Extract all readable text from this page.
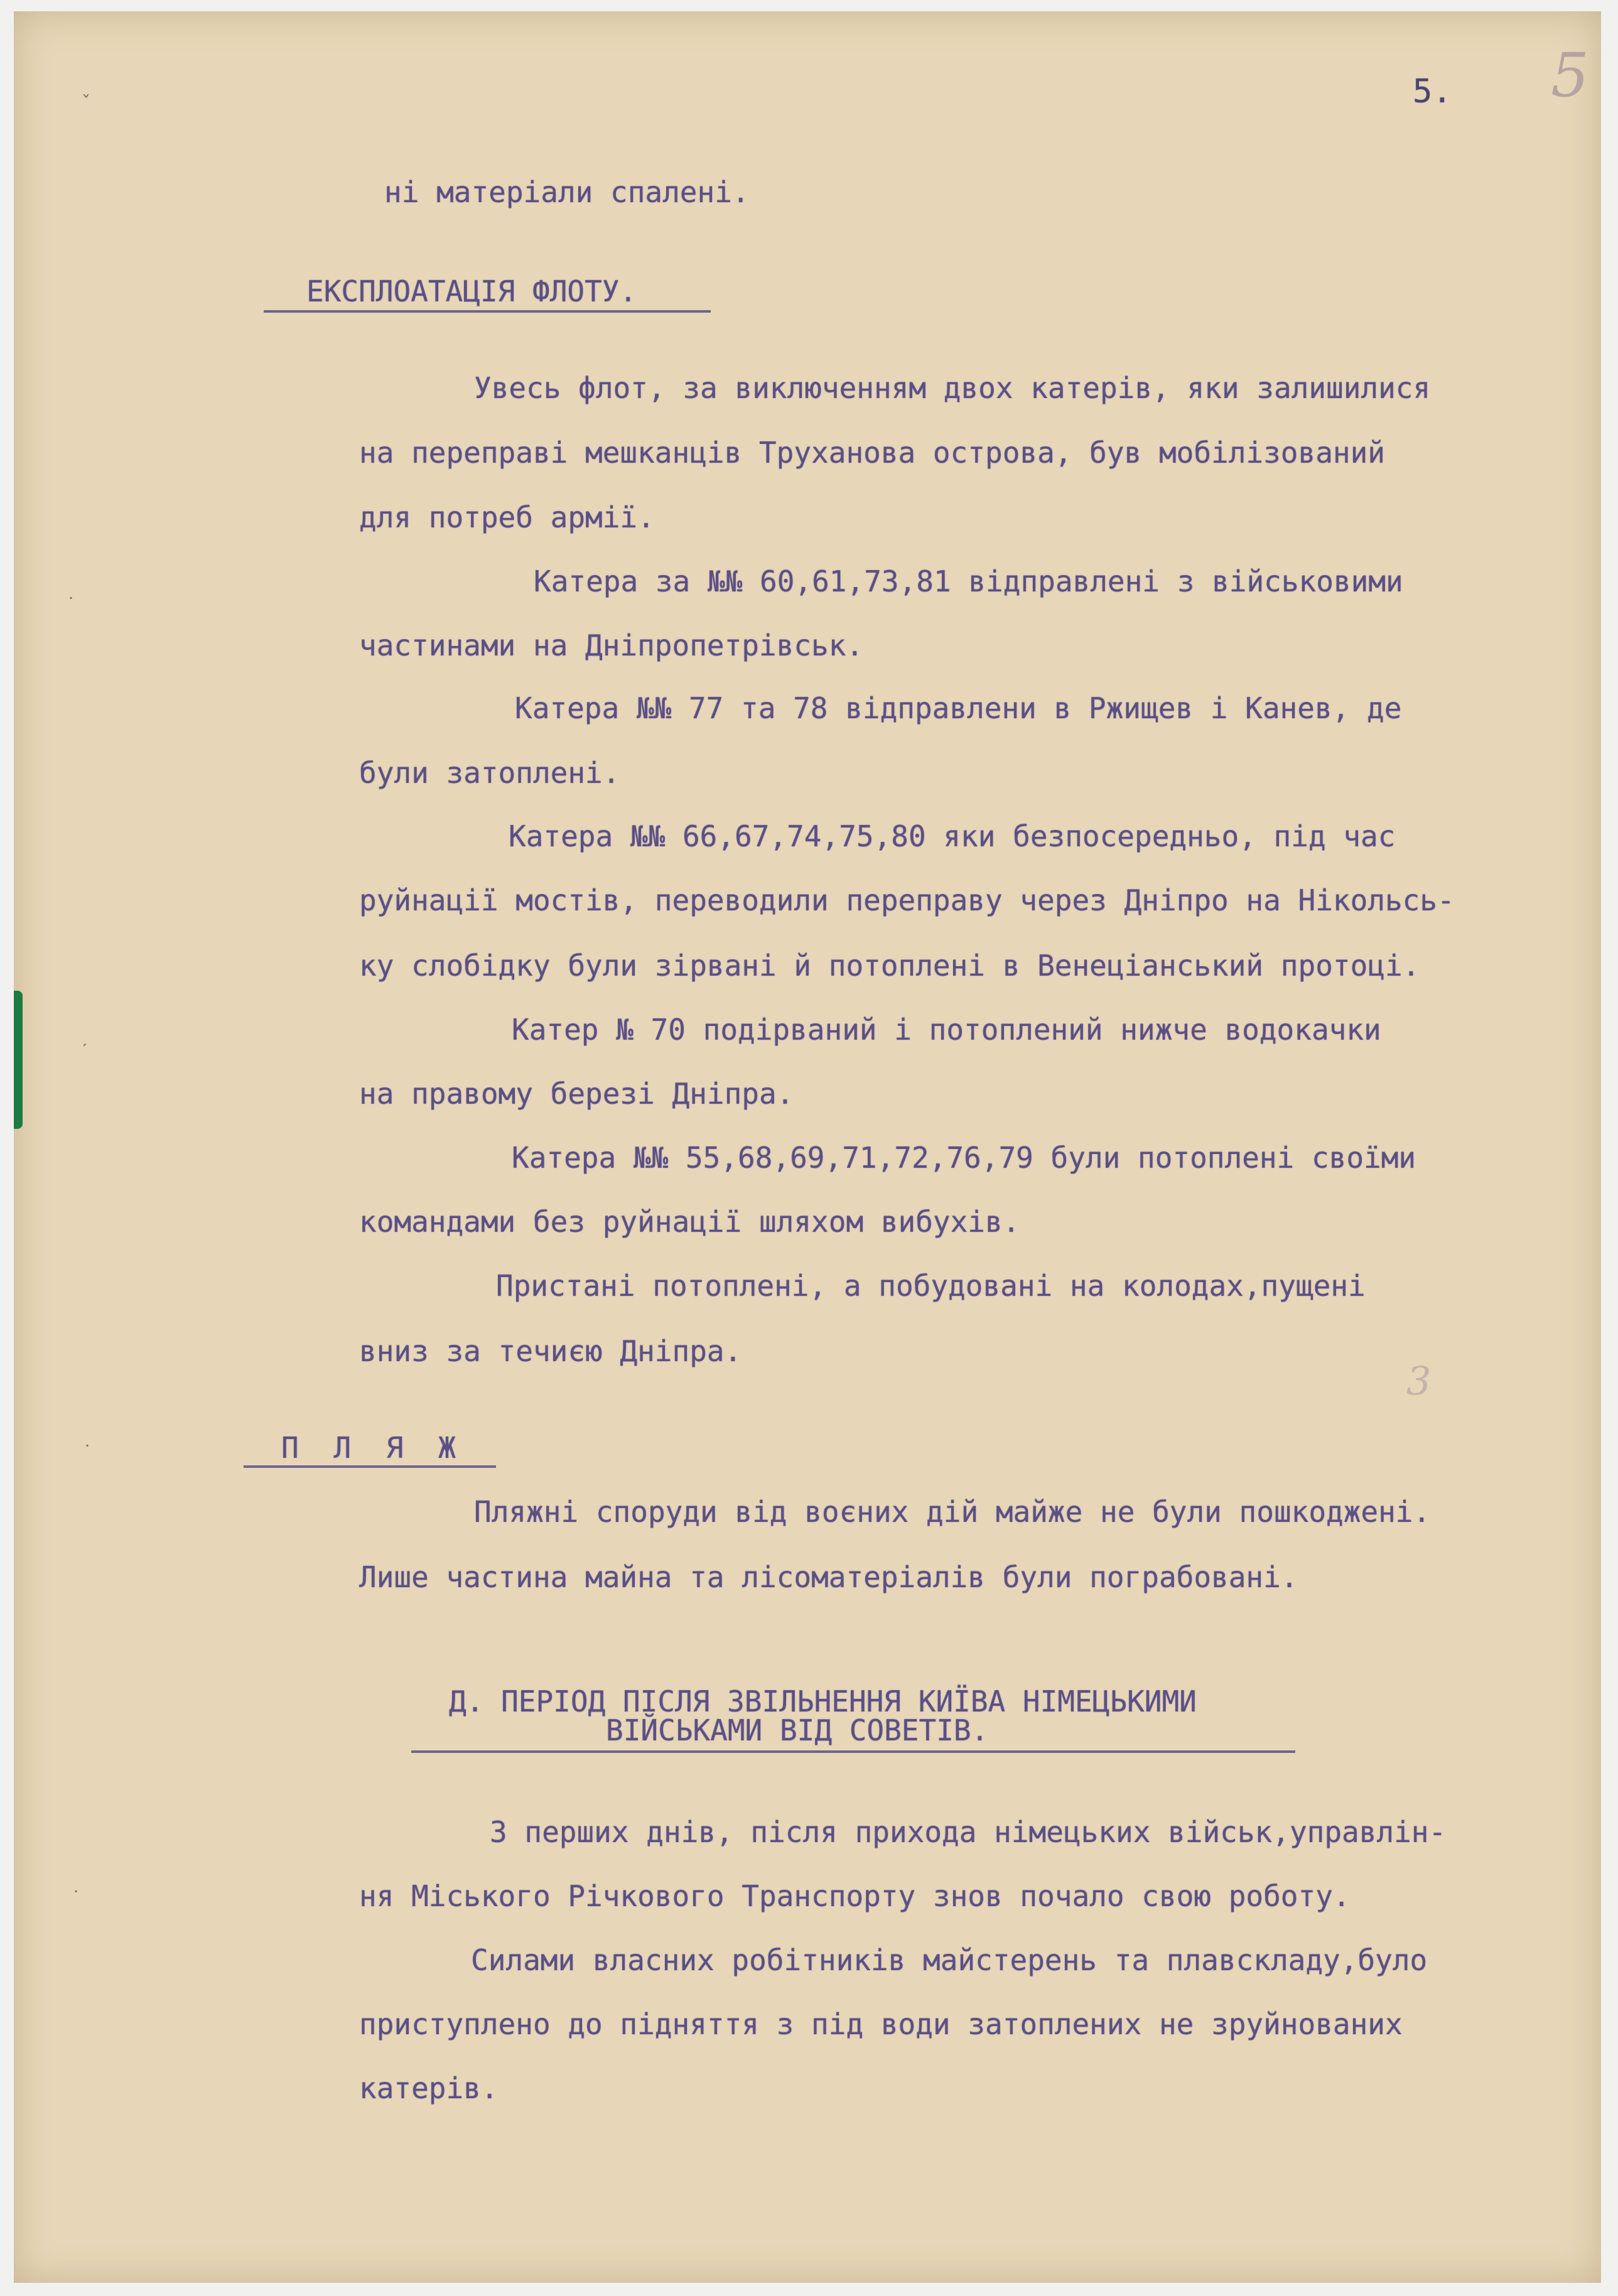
ˇ
˙
ˊ
˙
˙
5. 5
3
ні матеріали спалені.
ЕКСПЛОАТАЦІЯ ФЛОТУ.
Увесь флот, за виключенням двох катерів, яки залишилися
на переправі мешканців Труханова острова, був мобілізований
для потреб армії.
Катера за №№ 60,61,73,81 відправлені з військовими
частинами на Дніпропетрівськ.
Катера №№ 77 та 78 відправлени в Ржищев і Канев, де
були затоплені.
Катера №№ 66,67,74,75,80 яки безпосередньо, під час
руйнації мостів, переводили переправу через Дніпро на Нікольсь-
ку слобідку були зірвані й потоплені в Венеціанський протоці.
Катер № 70 подірваний і потоплений нижче водокачки
на правому березі Дніпра.
Катера №№ 55,68,69,71,72,76,79 були потоплені своїми
командами без руйнації шляхом вибухів.
Пристані потоплені, а побудовані на колодах,пущені
вниз за течиєю Дніпра.
П Л Я Ж
Пляжні споруди від воєних дій майже не були пошкоджені.
Лише частина майна та лісоматеріалів були пограбовані.
Д. ПЕРІОД ПІСЛЯ ЗВІЛЬНЕННЯ КИЇВА НІМЕЦЬКИМИ
ВІЙСЬКАМИ ВІД СОВЕТІВ.
З перших днів, після прихода німецьких військ,управлін-
ня Міського Річкового Транспорту знов почало свою роботу.
Силами власних робітників майстерень та плавскладу,було
приступлено до підняття з під води затоплених не зруйнованих
катерів.
